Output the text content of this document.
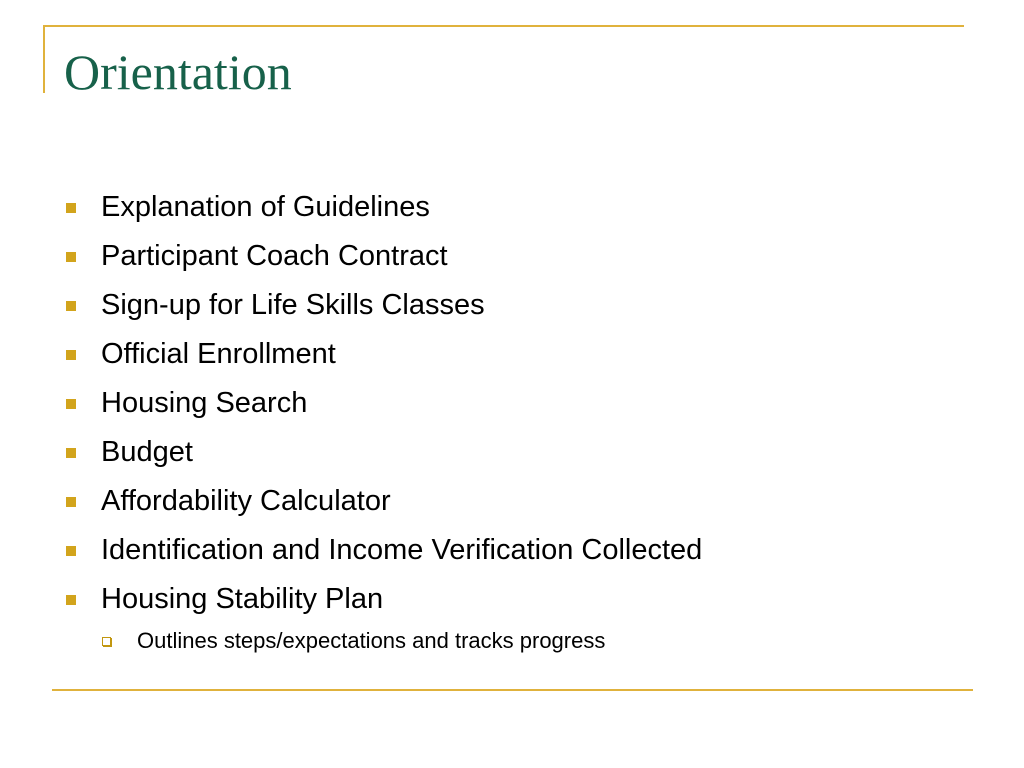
Orientation
Explanation of Guidelines
Participant Coach Contract
Sign-up for Life Skills Classes
Official Enrollment
Housing Search
Budget
Affordability Calculator
Identification and Income Verification Collected
Housing Stability Plan
Outlines steps/expectations and tracks progress
